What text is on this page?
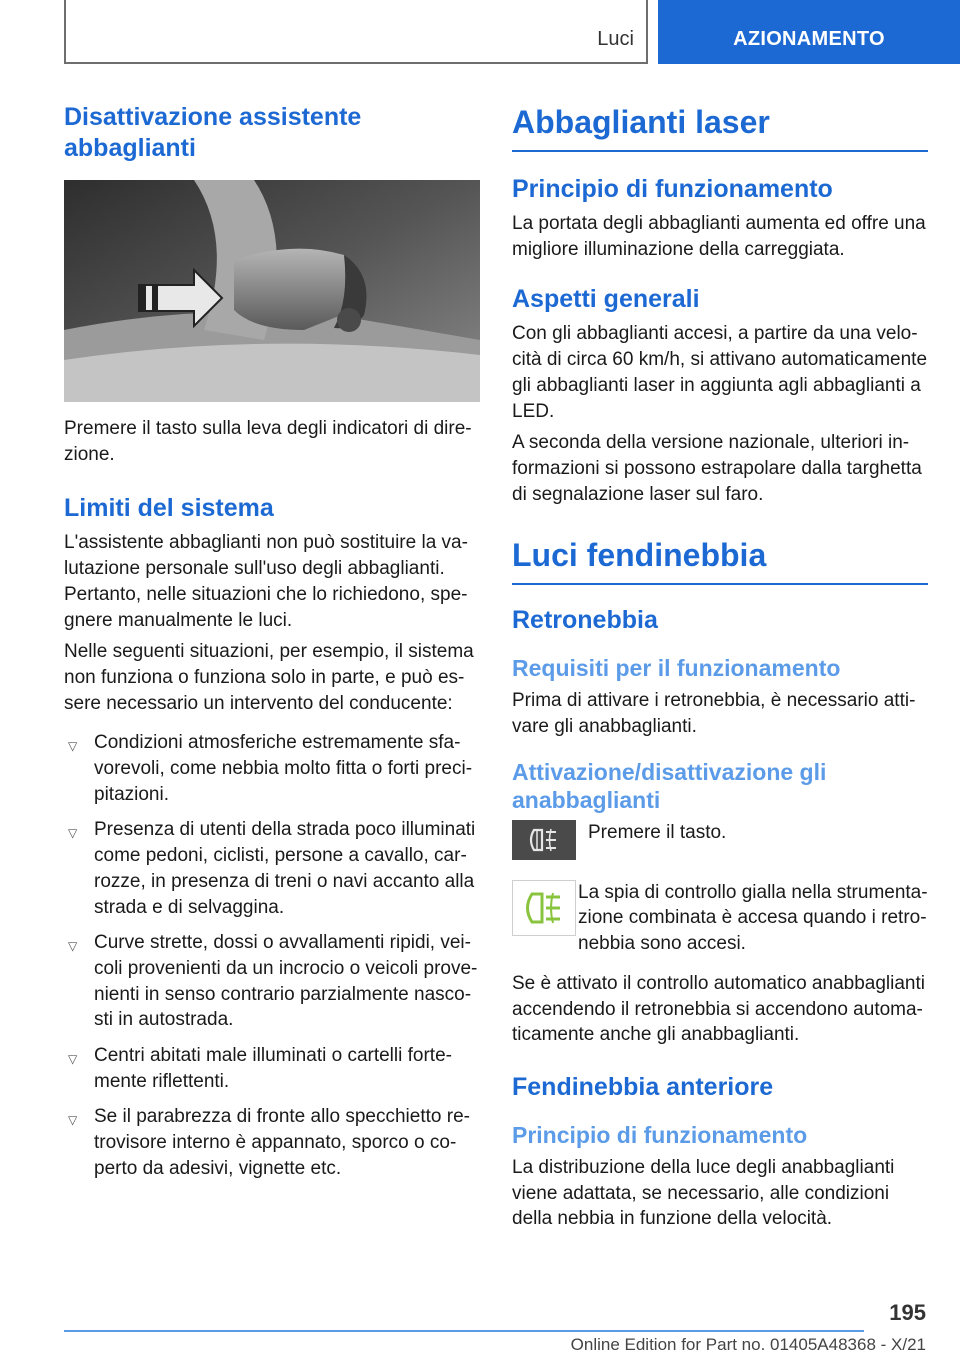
Luci	AZIONAMENTO
Disattivazione assistente abbaglianti

Premere il tasto sulla leva degli indicatori di dire-zione.

Limiti del sistema

L'assistente abbaglianti non può sostituire la va-lutazione personale sull'uso degli abbaglianti. Pertanto, nelle situazioni che lo richiedono, spe-gnere manualmente le luci.

Nelle seguenti situazioni, per esempio, il sistema non funziona o funziona solo in parte, e può es-sere necessario un intervento del conducente:

▽ Condizioni atmosferiche estremamente sfa-vorevoli, come nebbia molto fitta o forti preci-pitazioni.
▽ Presenza di utenti della strada poco illuminati come pedoni, ciclisti, persone a cavallo, car-rozze, in presenza di treni o navi accanto alla strada e di selvaggina.
▽ Curve strette, dossi o avvallamenti ripidi, vei-coli provenienti da un incrocio o veicoli prove-nienti in senso contrario parzialmente nasco-sti in autostrada.
▽ Centri abitati male illuminati o cartelli forte-mente riflettenti.
▽ Se il parabrezza di fronte allo specchietto re-trovisore interno è appannato, sporco o co-perto da adesivi, vignette etc.
Abbaglianti laser
Principio di funzionamento

La portata degli abbaglianti aumenta ed offre una migliore illuminazione della carreggiata.

Aspetti generali

Con gli abbaglianti accesi, a partire da una velo-cità di circa 60 km/h, si attivano automaticamente gli abbaglianti laser in aggiunta agli abbaglianti a LED.

A seconda della versione nazionale, ulteriori in-formazioni si possono estrapolare dalla targhetta di segnalazione laser sul faro.

Luci fendinebbia
Retronebbia
Requisiti per il funzionamento

Prima di attivare i retronebbia, è necessario atti-vare gli anabbaglianti.

Attivazione/disattivazione gli anabbaglianti

Premere il tasto.

La spia di controllo gialla nella strumenta-zione combinata è accesa quando i retro-nebbia sono accesi.

Se è attivato il controllo automatico anabbaglianti accendendo il retronebbia si accendono automa-ticamente anche gli anabbaglianti.

Fendinebbia anteriore
Principio di funzionamento

La distribuzione della luce degli anabbaglianti viene adattata, se necessario, alle condizioni della nebbia in funzione della velocità.

195
Online Edition for Part no. 01405A48368 - X/21
